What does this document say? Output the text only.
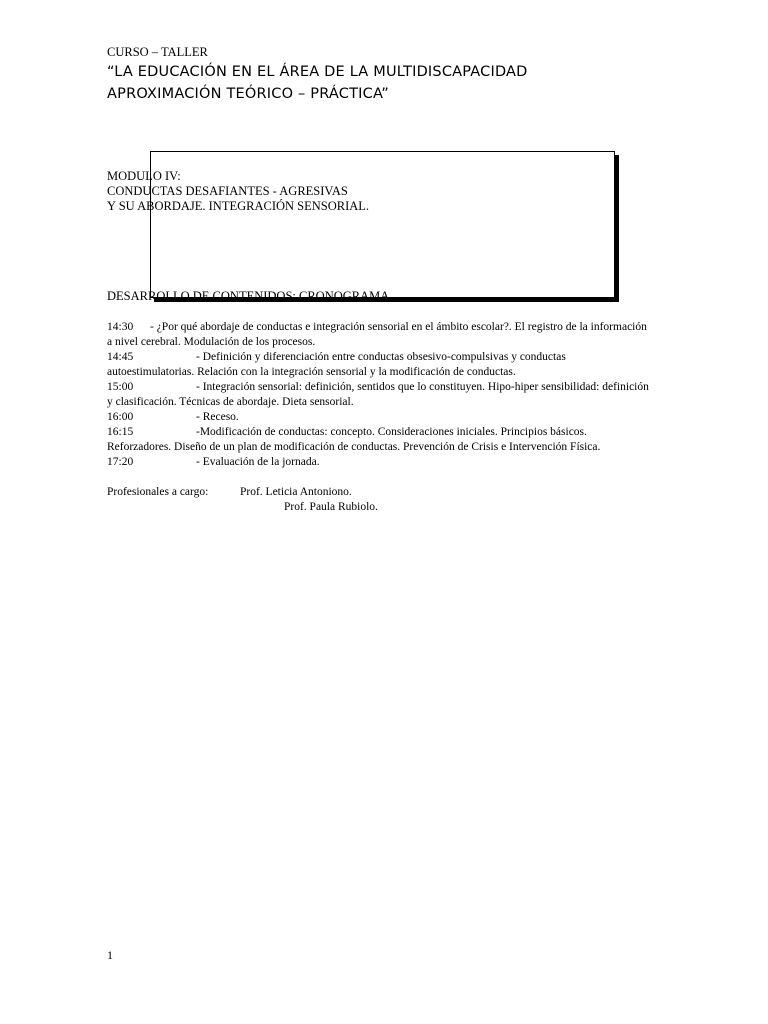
CURSO – TALLER
“LA EDUCACIÓN EN EL ÁREA DE LA MULTIDISCAPACIDAD
APROXIMACIÓN TEÓRICO – PRÁCTICA”
MODULO IV:
CONDUCTAS DESAFIANTES - AGRESIVAS
Y SU ABORDAJE. INTEGRACIÓN SENSORIAL.
DESARROLLO DE CONTENIDOS: CRONOGRAMA
14:30	- ¿Por qué abordaje de conductas e integración sensorial en el ámbito escolar?. El registro de la información a nivel cerebral. Modulación de los procesos.
14:45	- Definición y diferenciación entre conductas obsesivo-compulsivas y conductas autoestimulatorias. Relación con la integración sensorial y la modificación de conductas.
15:00	- Integración sensorial: definición, sentidos que lo constituyen. Hipo-hiper sensibilidad: definición y clasificación. Técnicas de abordaje. Dieta sensorial.
16:00	- Receso.
16:15	-Modificación de conductas: concepto. Consideraciones iniciales. Principios básicos. Reforzadores. Diseño de un plan de modificación de conductas. Prevención de Crisis e Intervención Física.
17:20	- Evaluación de la jornada.
Profesionales a cargo:	Prof. Leticia Antoniono.
Prof. Paula Rubiolo.
1
